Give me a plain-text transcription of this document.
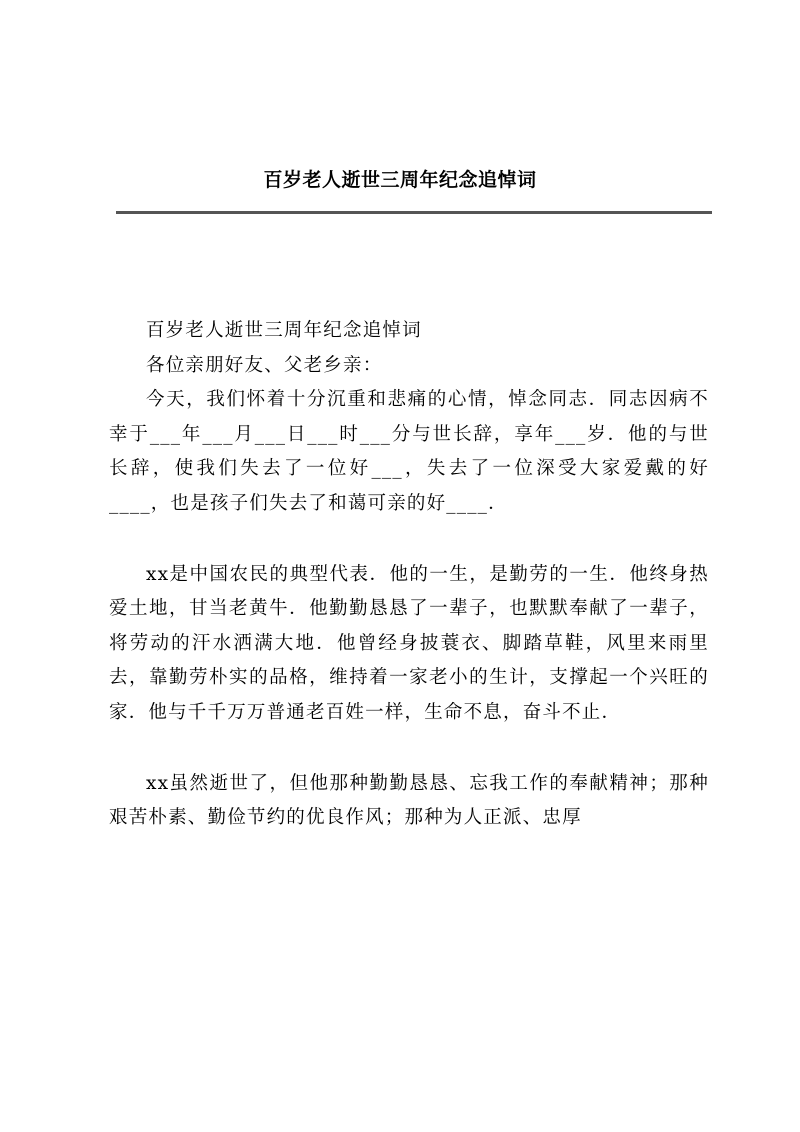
百岁老人逝世三周年纪念追悼词

百岁老人逝世三周年纪念追悼词

各位亲朋好友、父老乡亲：

今天，我们怀着十分沉重和悲痛的心情，悼念同志．同志因病不幸于___年___月___日___时___分与世长辞，享年___岁．他的与世长辞，使我们失去了一位好___，失去了一位深受大家爱戴的好____，也是孩子们失去了和蔼可亲的好____．

xx是中国农民的典型代表．他的一生，是勤劳的一生．他终身热爱土地，甘当老黄牛．他勤勤恳恳了一辈子，也默默奉献了一辈子，将劳动的汗水洒满大地．他曾经身披蓑衣、脚踏草鞋，风里来雨里去，靠勤劳朴实的品格，维持着一家老小的生计，支撑起一个兴旺的家．他与千千万万普通老百姓一样，生命不息，奋斗不止．

xx虽然逝世了，但他那种勤勤恳恳、忘我工作的奉献精神；那种艰苦朴素、勤俭节约的优良作风；那种为人正派、忠厚
